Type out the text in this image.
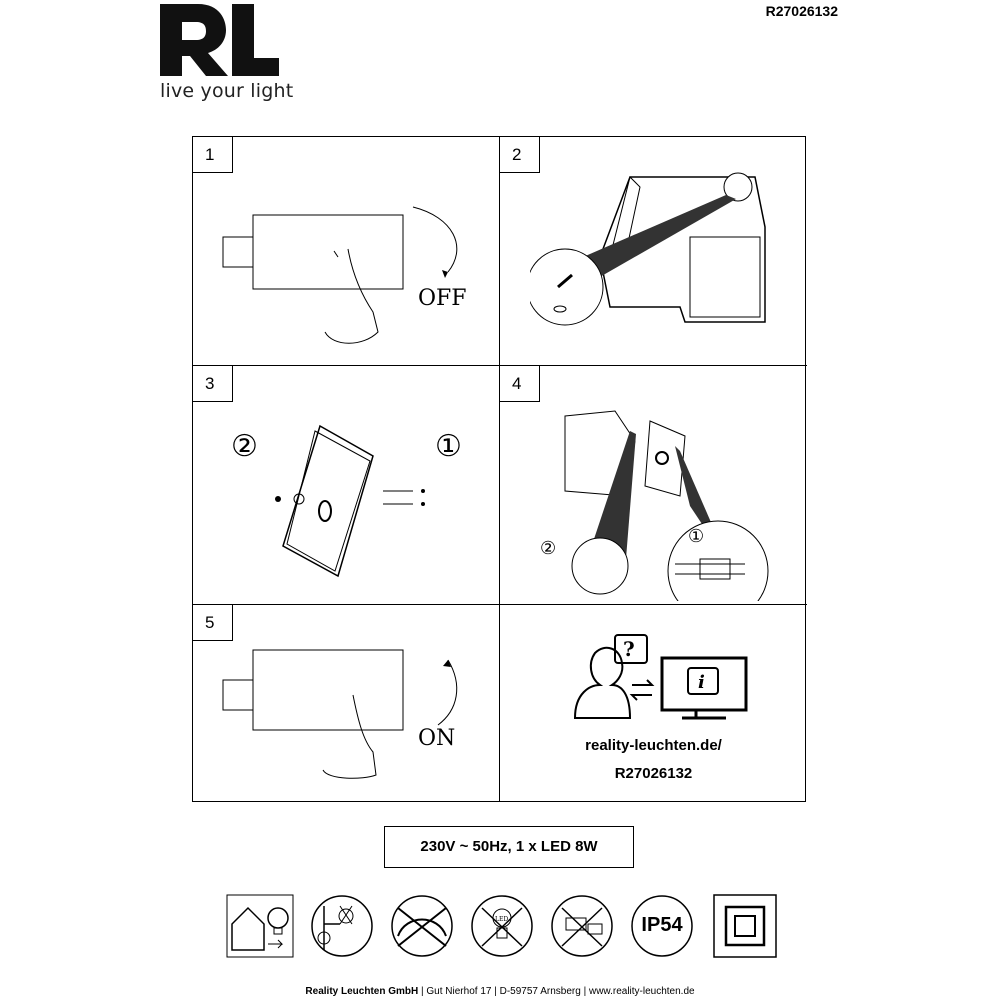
live your light
R27026132
1
OFF
2
3
②	①
4
②
①
5
ON
?
i
reality-leuchten.de/
R27026132
230V ~ 50Hz, 1 x LED 8W
LED	IP54
Reality Leuchten GmbH | Gut Nierhof 17 | D-59757 Arnsberg | www.reality-leuchten.de
